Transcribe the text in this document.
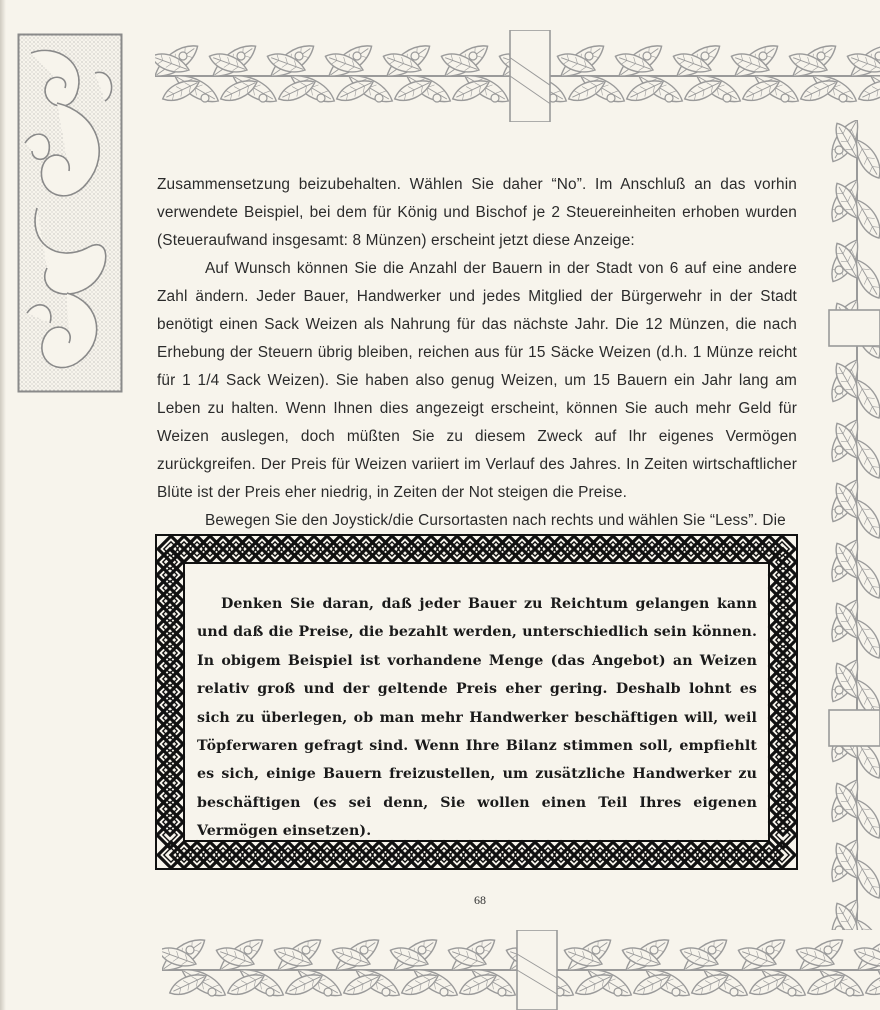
Zusammensetzung beizubehalten. Wählen Sie daher “No”. Im Anschluß an das vorhin verwendete Beispiel, bei dem für König und Bischof je 2 Steuereinheiten erhoben wurden (Steueraufwand insgesamt: 8 Münzen) erscheint jetzt diese Anzeige:

Auf Wunsch können Sie die Anzahl der Bauern in der Stadt von 6 auf eine andere Zahl ändern. Jeder Bauer, Handwerker und jedes Mitglied der Bürgerwehr in der Stadt benötigt einen Sack Weizen als Nahrung für das nächste Jahr. Die 12 Münzen, die nach Erhebung der Steuern übrig bleiben, reichen aus für 15 Säcke Weizen (d.h. 1 Münze reicht für 1 1/4 Sack Weizen). Sie haben also genug Weizen, um 15 Bauern ein Jahr lang am Leben zu halten. Wenn Ihnen dies angezeigt erscheint, können Sie auch mehr Geld für Weizen auslegen, doch müßten Sie zu diesem Zweck auf Ihr eigenes Vermögen zurückgreifen. Der Preis für Weizen variiert im Verlauf des Jahres. In Zeiten wirtschaftlicher Blüte ist der Preis eher niedrig, in Zeiten der Not steigen die Preise.

Bewegen Sie den Joystick/die Cursortasten nach rechts und wählen Sie “Less”. Die

Denken Sie daran, daß jeder Bauer zu Reichtum gelangen kann und daß die Preise, die bezahlt werden, unterschiedlich sein können. In obigem Beispiel ist vorhandene Menge (das Angebot) an Weizen relativ groß und der geltende Preis eher gering. Deshalb lohnt es sich zu überlegen, ob man mehr Handwerker beschäftigen will, weil Töpferwaren gefragt sind. Wenn Ihre Bilanz stimmen soll, empfiehlt es sich, einige Bauern freizustellen, um zusätzliche Handwerker zu beschäftigen (es sei denn, Sie wollen einen Teil Ihres eigenen Vermögen einsetzen).

68
